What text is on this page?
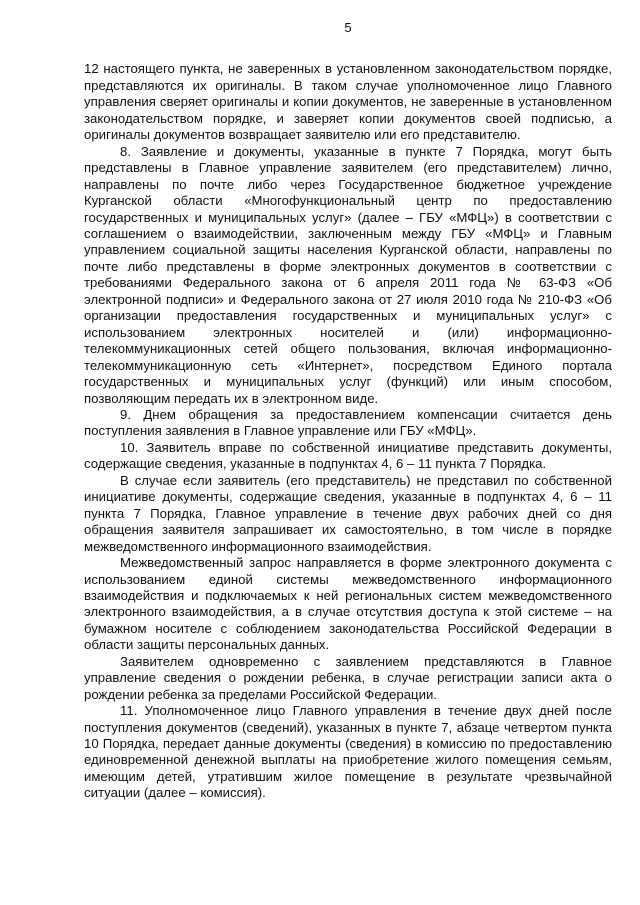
5

12 настоящего пункта, не заверенных в установленном законодательством порядке, представляются их оригиналы. В таком случае уполномоченное лицо Главного управления сверяет оригиналы и копии документов, не заверенные в установленном законодательством порядке, и заверяет копии документов своей подписью, а оригиналы документов возвращает заявителю или его представителю.

8. Заявление и документы, указанные в пункте 7 Порядка, могут быть представлены в Главное управление заявителем (его представителем) лично, направлены по почте либо через Государственное бюджетное учреждение Курганской области «Многофункциональный центр по предоставлению государственных и муниципальных услуг» (далее – ГБУ «МФЦ») в соответствии с соглашением о взаимодействии, заключенным между ГБУ «МФЦ» и Главным управлением социальной защиты населения Курганской области, направлены по почте либо представлены в форме электронных документов в соответствии с требованиями Федерального закона от 6 апреля 2011 года № 63-ФЗ «Об электронной подписи» и Федерального закона от 27 июля 2010 года № 210-ФЗ «Об организации предоставления государственных и муниципальных услуг» с использованием электронных носителей и (или) информационно-телекоммуникационных сетей общего пользования, включая информационно-телекоммуникационную сеть «Интернет», посредством Единого портала государственных и муниципальных услуг (функций) или иным способом, позволяющим передать их в электронном виде.

9. Днем обращения за предоставлением компенсации считается день поступления заявления в Главное управление или ГБУ «МФЦ».

10. Заявитель вправе по собственной инициативе представить документы, содержащие сведения, указанные в подпунктах 4, 6 – 11 пункта 7 Порядка.

В случае если заявитель (его представитель) не представил по собственной инициативе документы, содержащие сведения, указанные в подпунктах 4, 6 – 11 пункта 7 Порядка, Главное управление в течение двух рабочих дней со дня обращения заявителя запрашивает их самостоятельно, в том числе в порядке межведомственного информационного взаимодействия.

Межведомственный запрос направляется в форме электронного документа с использованием единой системы межведомственного информационного взаимодействия и подключаемых к ней региональных систем межведомственного электронного взаимодействия, а в случае отсутствия доступа к этой системе – на бумажном носителе с соблюдением законодательства Российской Федерации в области защиты персональных данных.

Заявителем одновременно с заявлением представляются в Главное управление сведения о рождении ребенка, в случае регистрации записи акта о рождении ребенка за пределами Российской Федерации.

11. Уполномоченное лицо Главного управления в течение двух дней после поступления документов (сведений), указанных в пункте 7, абзаце четвертом пункта 10 Порядка, передает данные документы (сведения) в комиссию по предоставлению единовременной денежной выплаты на приобретение жилого помещения семьям, имеющим детей, утратившим жилое помещение в результате чрезвычайной ситуации (далее – комиссия).
